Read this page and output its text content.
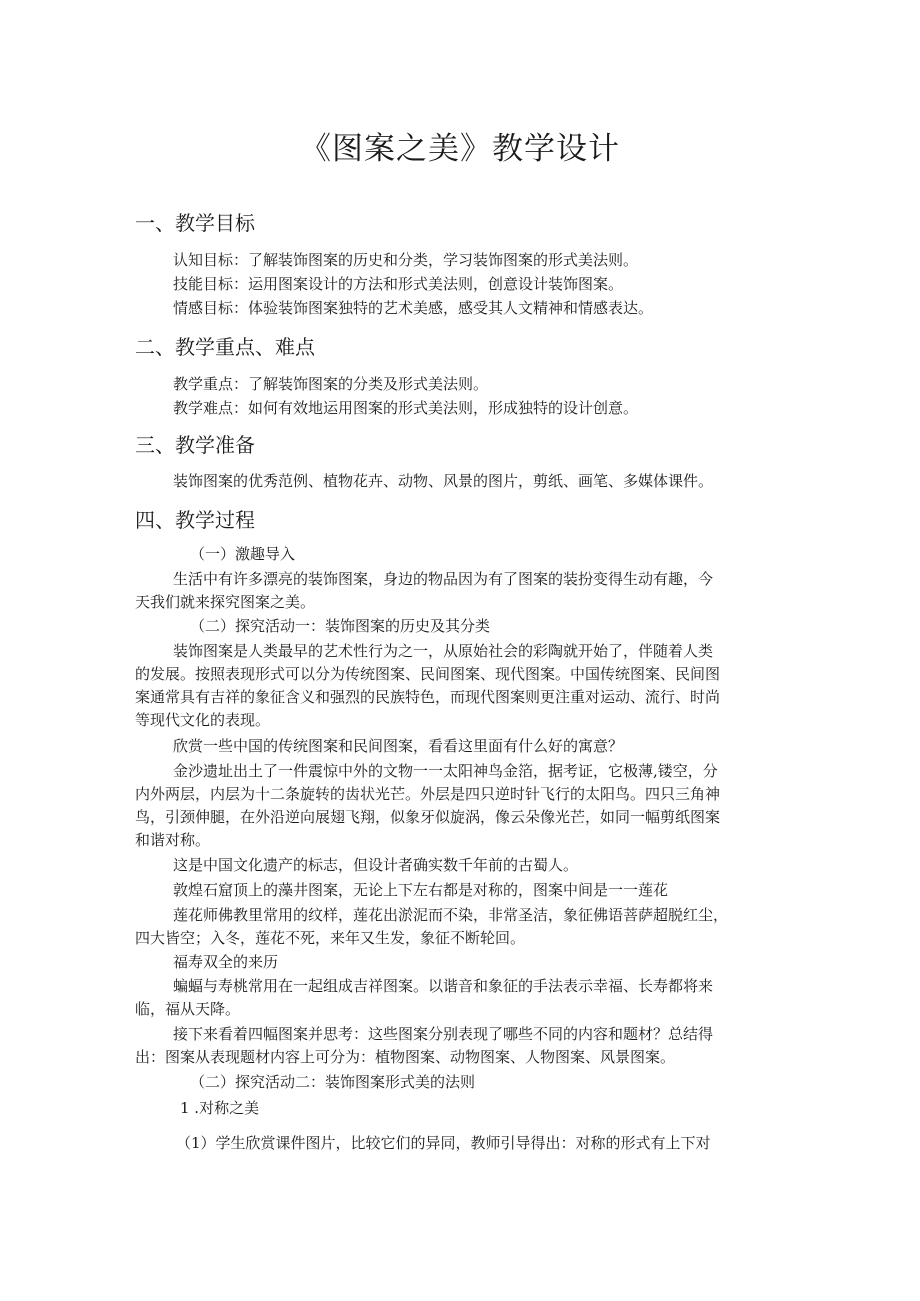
《图案之美》教学设计
一、教学目标
认知目标：了解装饰图案的历史和分类，学习装饰图案的形式美法则。
技能目标：运用图案设计的方法和形式美法则，创意设计装饰图案。
情感目标：体验装饰图案独特的艺术美感，感受其人文精神和情感表达。
二、教学重点、难点
教学重点：了解装饰图案的分类及形式美法则。
教学难点：如何有效地运用图案的形式美法则，形成独特的设计创意。
三、教学准备
装饰图案的优秀范例、植物花卉、动物、风景的图片，剪纸、画笔、多媒体课件。
四、教学过程
（一）激趣导入
生活中有许多漂亮的装饰图案，身边的物品因为有了图案的装扮变得生动有趣，今
天我们就来探究图案之美。
（二）探究活动一：装饰图案的历史及其分类
装饰图案是人类最早的艺术性行为之一，从原始社会的彩陶就开始了，伴随着人类
的发展。按照表现形式可以分为传统图案、民间图案、现代图案。中国传统图案、民间图
案通常具有吉祥的象征含义和强烈的民族特色，而现代图案则更注重对运动、流行、时尚
等现代文化的表现。
欣赏一些中国的传统图案和民间图案，看看这里面有什么好的寓意？
金沙遗址出土了一件震惊中外的文物一一太阳神鸟金箔，据考证，它极薄,镂空，分
内外两层，内层为十二条旋转的齿状光芒。外层是四只逆时针飞行的太阳鸟。四只三角神
鸟，引颈伸腿，在外沿逆向展翅飞翔，似象牙似旋涡，像云朵像光芒，如同一幅剪纸图案
和谐对称。
这是中国文化遗产的标志，但设计者确实数千年前的古蜀人。
敦煌石窟顶上的藻井图案，无论上下左右都是对称的，图案中间是一一莲花
莲花师佛教里常用的纹样，莲花出淤泥而不染，非常圣洁，象征佛语菩萨超脱红尘，
四大皆空；入冬，莲花不死，来年又生发，象征不断轮回。
福寿双全的来历
蝙蝠与寿桃常用在一起组成吉祥图案。以谐音和象征的手法表示幸福、长寿都将来
临，福从天降。
接下来看着四幅图案并思考：这些图案分别表现了哪些不同的内容和题材？总结得
出：图案从表现题材内容上可分为：植物图案、动物图案、人物图案、风景图案。
（二）探究活动二：装饰图案形式美的法则
1 .对称之美
（1）学生欣赏课件图片，比较它们的异同，教师引导得出：对称的形式有上下对
